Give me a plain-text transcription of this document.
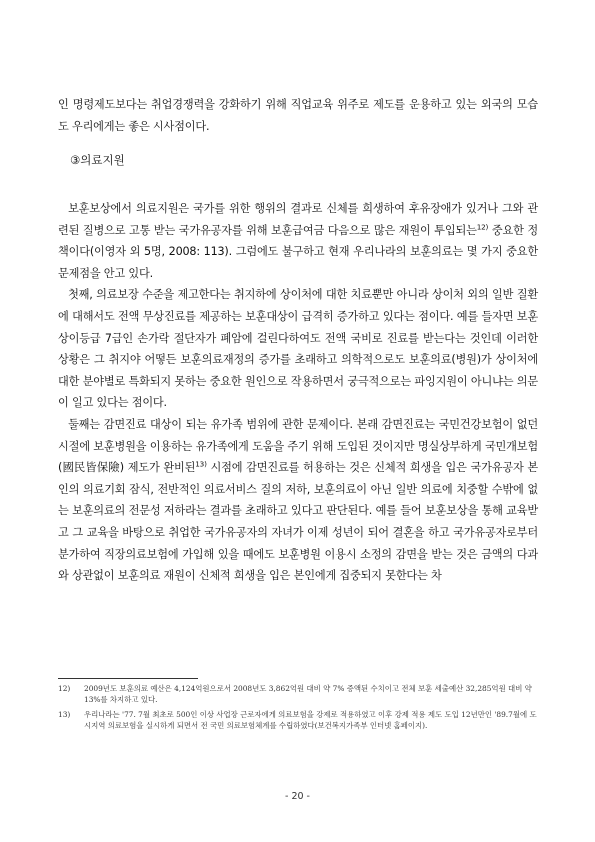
인 명령제도보다는 취업경쟁력을 강화하기 위해 직업교육 위주로 제도를 운용하고 있는 외국의 모습도 우리에게는 좋은 시사점이다.

③의료지원

보훈보상에서 의료지원은 국가를 위한 행위의 결과로 신체를 희생하여 후유장애가 있거나 그와 관련된 질병으로 고통 받는 국가유공자를 위해 보훈급여금 다음으로 많은 재원이 투입되는$^{12)}$ 중요한 정책이다(이영자 외 5명, 2008: 113). 그럼에도 불구하고 현재 우리나라의 보훈의료는 몇 가지 중요한 문제점을 안고 있다.

첫째, 의료보장 수준을 제고한다는 취지하에 상이처에 대한 치료뿐만 아니라 상이처 외의 일반 질환에 대해서도 전액 무상진료를 제공하는 보훈대상이 급격히 증가하고 있다는 점이다. 예를 들자면 보훈 상이등급 7급인 손가락 절단자가 폐암에 걸린다하여도 전액 국비로 진료를 받는다는 것인데 이러한 상황은 그 취지야 어떻든 보훈의료재정의 증가를 초래하고 의학적으로도 보훈의료(병원)가 상이처에 대한 분야별로 특화되지 못하는 중요한 원인으로 작용하면서 궁극적으로는 파잉지원이 아니냐는 의문이 일고 있다는 점이다.

둘째는 감면진료 대상이 되는 유가족 범위에 관한 문제이다. 본래 감면진료는 국민건강보험이 없던 시절에 보훈병원을 이용하는 유가족에게 도움을 주기 위해 도입된 것이지만 명실상부하게 국민개보험(國民皆保險) 제도가 완비된$^{13)}$ 시점에 감면진료를 허용하는 것은 신체적 희생을 입은 국가유공자 본인의 의료기회 잠식, 전반적인 의료서비스 질의 저하, 보훈의료이 아닌 일반 의료에 치중할 수밖에 없는 보훈의료의 전문성 저하라는 결과를 초래하고 있다고 판단된다. 예를 들어 보훈보상을 통해 교육받고 그 교육을 바탕으로 취업한 국가유공자의 자녀가 이제 성년이 되어 결혼을 하고 국가유공자로부터 분가하여 직장의료보험에 가입해 있을 때에도 보훈병원 이용시 소정의 감면을 받는 것은 금액의 다과와 상관없이 보훈의료 재원이 신체적 희생을 입은 본인에게 집중되지 못한다는 차

12)	2009년도 보훈의료 예산은 4,124억원으로서 2008년도 3,862억원 대비 약 7% 증액된 수치이고 전체 보훈 세출예산 32,285억원 대비 약 13%를 차지하고 있다.
13)	우리나라는 '77. 7월 최초로 500인 이상 사업장 근로자에게 의료보험을 강제로 적용하였고 이후 강제 적용 제도 도입 12년만인 '89.7월에 도시지역 의료보험을 실시하게 되면서 전 국민 의료보험체계를 수립하였다(보건복지가족부 인터넷 홈페이지).
- 20 -
